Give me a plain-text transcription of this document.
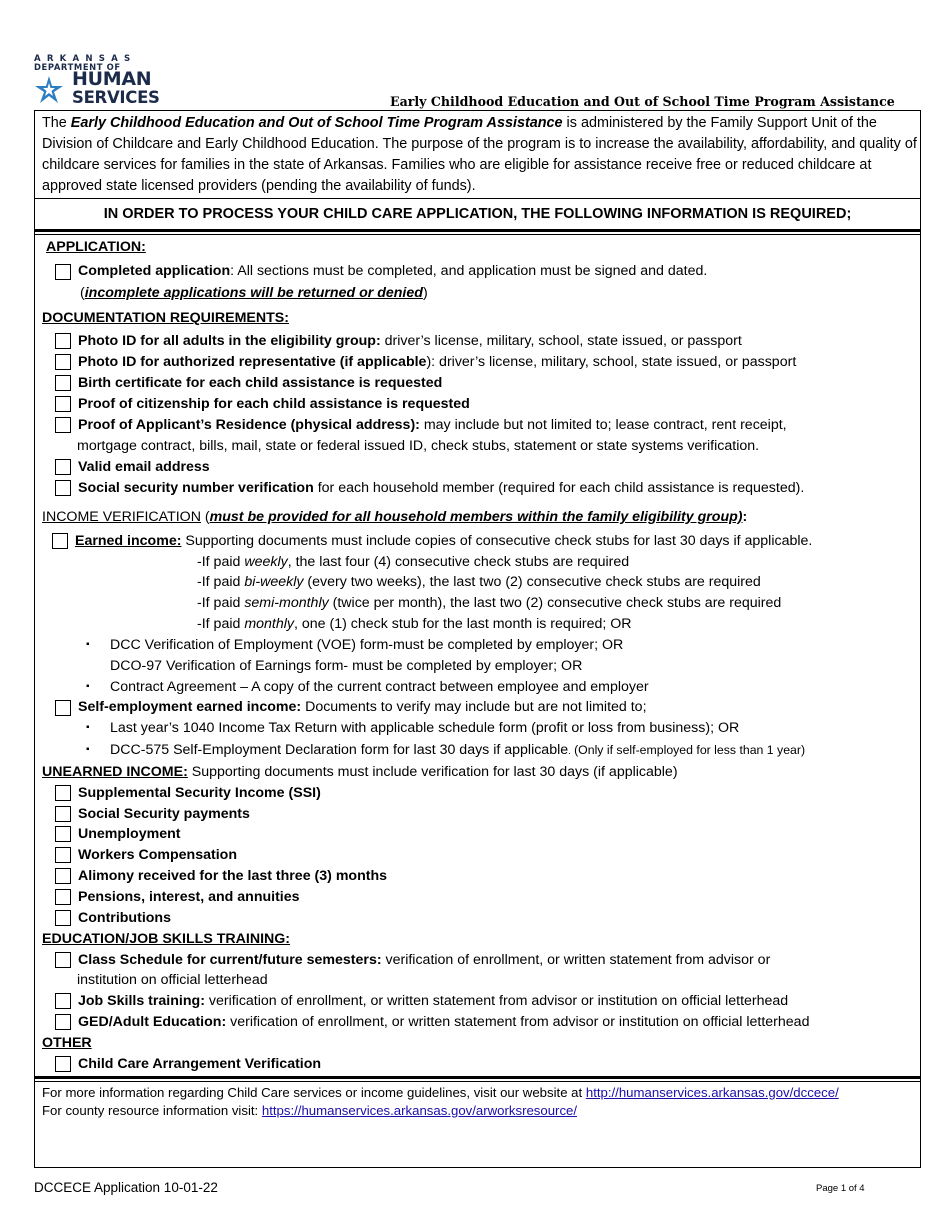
ARKANSAS
DEPARTMENT OF
HUMAN
SERVICES	Early Childhood Education and Out of School Time Program Assistance
The Early Childhood Education and Out of School Time Program Assistance is administered by the Family Support Unit of the Division of Childcare and Early Childhood Education. The purpose of the program is to increase the availability, affordability, and quality of childcare services for families in the state of Arkansas. Families who are eligible for assistance receive free or reduced childcare at approved state licensed providers (pending the availability of funds).
IN ORDER TO PROCESS YOUR CHILD CARE APPLICATION, THE FOLLOWING INFORMATION IS REQUIRED;
APPLICATION:
Completed application: All sections must be completed, and application must be signed and dated.
(incomplete applications will be returned or denied)
DOCUMENTATION REQUIREMENTS:
Photo ID for all adults in the eligibility group: driver’s license, military, school, state issued, or passport
Photo ID for authorized representative (if applicable): driver’s license, military, school, state issued, or passport
Birth certificate for each child assistance is requested
Proof of citizenship for each child assistance is requested
Proof of Applicant’s Residence (physical address): may include but not limited to; lease contract, rent receipt,
mortgage contract, bills, mail, state or federal issued ID, check stubs, statement or state systems verification.
Valid email address
Social security number verification for each household member (required for each child assistance is requested).
INCOME VERIFICATION (must be provided for all household members within the family eligibility group):
Earned income: Supporting documents must include copies of consecutive check stubs for last 30 days if applicable.
-If paid weekly, the last four (4) consecutive check stubs are required
-If paid bi-weekly (every two weeks), the last two (2) consecutive check stubs are required
-If paid semi-monthly (twice per month), the last two (2) consecutive check stubs are required
-If paid monthly, one (1) check stub for the last month is required; OR
▪ DCC Verification of Employment (VOE) form-must be completed by employer; OR
DCO-97 Verification of Earnings form- must be completed by employer; OR
▪ Contract Agreement – A copy of the current contract between employee and employer
Self-employment earned income: Documents to verify may include but are not limited to;
▪ Last year’s 1040 Income Tax Return with applicable schedule form (profit or loss from business); OR
▪ DCC-575 Self-Employment Declaration form for last 30 days if applicable. (Only if self-employed for less than 1 year)
UNEARNED INCOME: Supporting documents must include verification for last 30 days (if applicable)
Supplemental Security Income (SSI)
Social Security payments
Unemployment
Workers Compensation
Alimony received for the last three (3) months
Pensions, interest, and annuities
Contributions
EDUCATION/JOB SKILLS TRAINING:
Class Schedule for current/future semesters: verification of enrollment, or written statement from advisor or
institution on official letterhead
Job Skills training: verification of enrollment, or written statement from advisor or institution on official letterhead
GED/Adult Education: verification of enrollment, or written statement from advisor or institution on official letterhead
OTHER
Child Care Arrangement Verification
For more information regarding Child Care services or income guidelines, visit our website at http://humanservices.arkansas.gov/dccece/
For county resource information visit: https://humanservices.arkansas.gov/arworksresource/
DCCECE Application 10-01-22	Page 1 of 4
